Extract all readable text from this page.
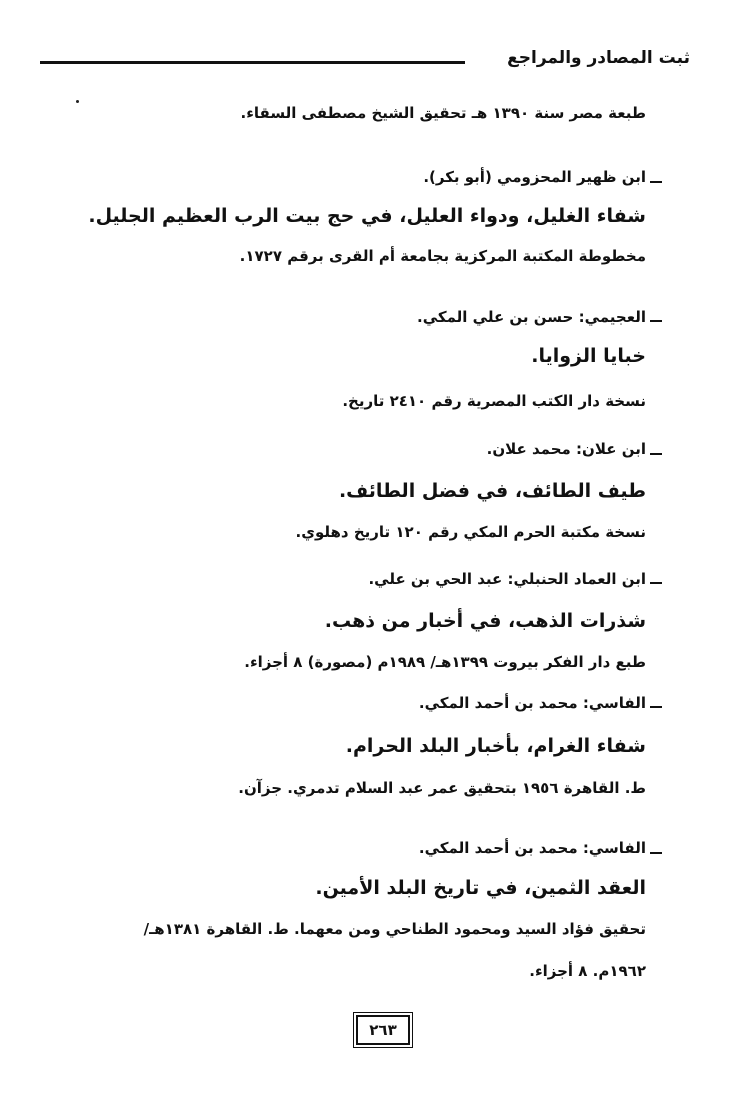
ثبت المصادر والمراجع
طبعة مصر سنة ١٣٩٠ هـ تحقيق الشيخ مصطفى السقاء.
ابن ظهير المحزومي (أبو بكر).
شفاء الغليل، ودواء العليل، في حج بيت الرب العظيم الجليل.
مخطوطة المكتبة المركزية بجامعة أم القرى برقم ١٧٢٧.
العجيمي: حسن بن علي المكي.
خبايا الزوايا.
نسخة دار الكتب المصرية رقم ٢٤١٠ تاريخ.
ابن علان: محمد علان.
طيف الطائف، في فضل الطائف.
نسخة مكتبة الحرم المكي رقم ١٢٠ تاريخ دهلوي.
ابن العماد الحنبلي: عبد الحي بن علي.
شذرات الذهب، في أخبار من ذهب.
طبع دار الفكر بيروت ١٣٩٩هـ/ ١٩٨٩م (مصورة) ٨ أجزاء.
الفاسي: محمد بن أحمد المكي.
شفاء الغرام، بأخبار البلد الحرام.
ط. القاهرة ١٩٥٦ بتحقيق عمر عبد السلام تدمري. جزآن.
الفاسي: محمد بن أحمد المكي.
العقد الثمين، في تاريخ البلد الأمين.
تحقيق فؤاد السيد ومحمود الطناحي ومن معهما. ط. القاهرة ١٣٨١هـ/
١٩٦٢م. ٨ أجزاء.
٢٦٣
